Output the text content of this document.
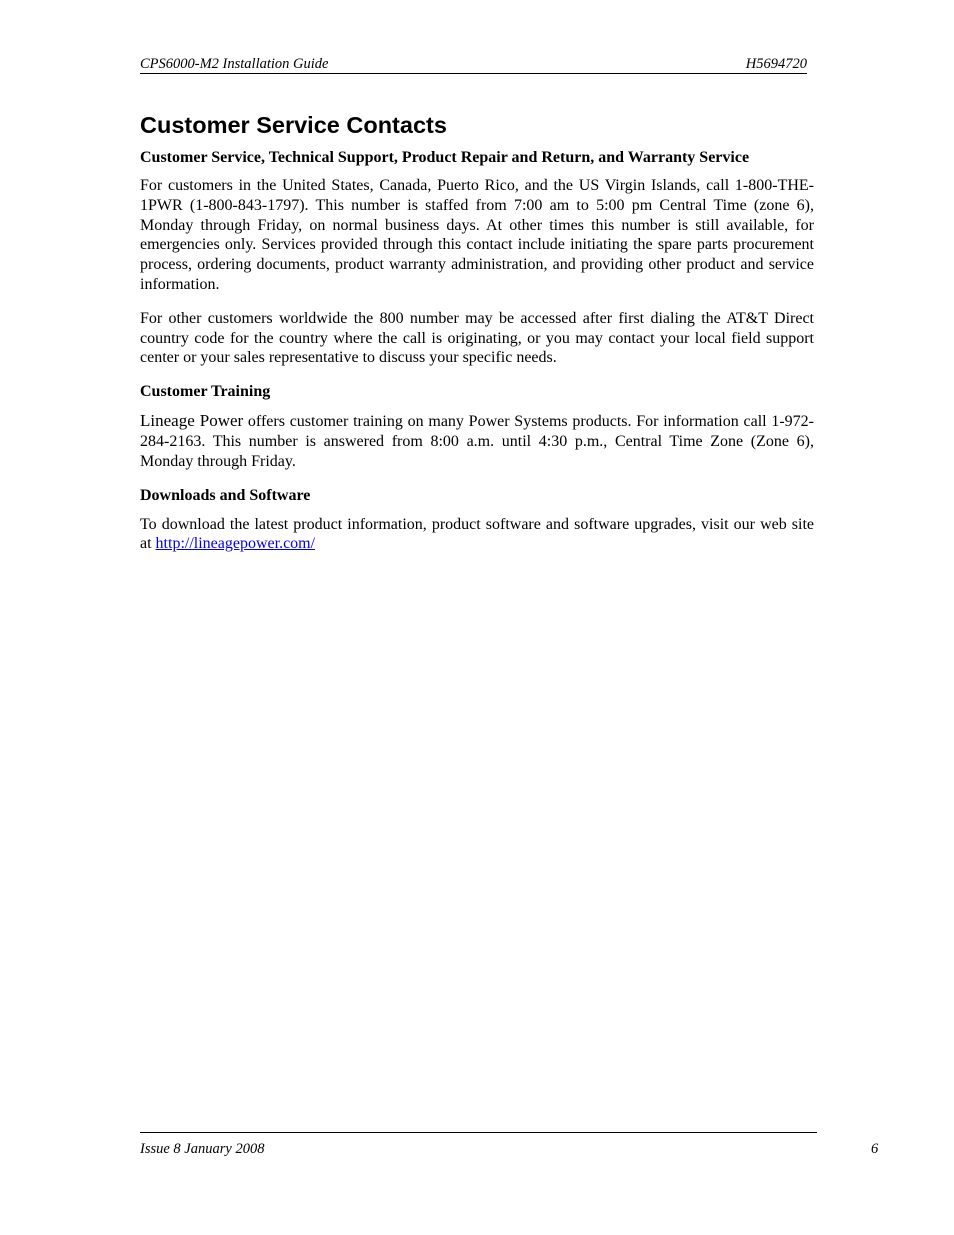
CPS6000-M2 Installation Guide	H5694720
Customer Service Contacts
Customer Service, Technical Support, Product Repair and Return, and Warranty Service

For customers in the United States, Canada, Puerto Rico, and the US Virgin Islands, call 1-800-THE-1PWR (1-800-843-1797). This number is staffed from 7:00 am to 5:00 pm Central Time (zone 6), Monday through Friday, on normal business days. At other times this number is still available, for emergencies only. Services provided through this contact include initiating the spare parts procurement process, ordering documents, product warranty administration, and providing other product and service information.

For other customers worldwide the 800 number may be accessed after first dialing the AT&T Direct country code for the country where the call is originating, or you may contact your local field support center or your sales representative to discuss your specific needs.

Customer Training

Lineage Power offers customer training on many Power Systems products. For information call 1-972-284-2163. This number is answered from 8:00 a.m. until 4:30 p.m., Central Time Zone (Zone 6), Monday through Friday.

Downloads and Software

To download the latest product information, product software and software upgrades, visit our web site at http://lineagepower.com/

Issue 8 January 2008	6
